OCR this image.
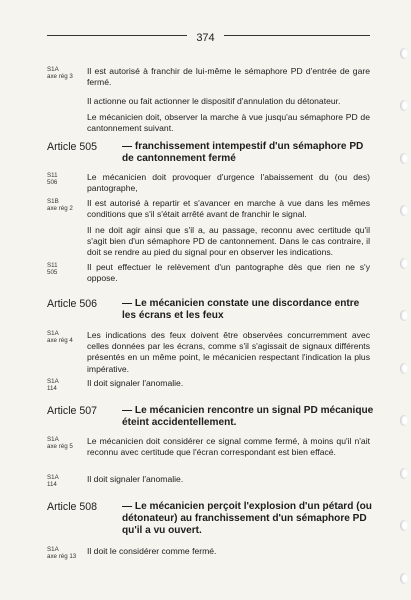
374
S1A
axe rég 3
Il est autorisé à franchir de lui-même le sémaphore PD d'entrée de gare fermé.
Il actionne ou fait actionner le dispositif d'annulation du détonateur.
Le mécanicien doit, observer la marche à vue jusqu'au sémaphore PD de cantonnement suivant.
Article 505 — franchissement intempestif d'un sémaphore PD de cantonnement fermé
S11
506
Le mécanicien doit provoquer d'urgence l'abaissement du (ou des) pantographe,
S1B
axe rég 2
Il est autorisé à repartir et s'avancer en marche à vue dans les mêmes conditions que s'il s'était arrêté avant de franchir le signal.
Il ne doit agir ainsi que s'il a, au passage, reconnu avec certitude qu'il s'agit bien d'un sémaphore PD de cantonnement. Dans le cas contraire, il doit se rendre au pied du signal pour en observer les indications.
S11
505
Il peut effectuer le relèvement d'un pantographe dès que rien ne s'y oppose.
Article 506 — Le mécanicien constate une discordance entre les écrans et les feux
S1A
axe rég 4
Les indications des feux doivent être observées concurremment avec celles données par les écrans, comme s'il s'agissait de signaux différents présentés en un même point, le mécanicien respectant l'indication la plus impérative.
S1A
114
Il doit signaler l'anomalie.
Article 507 — Le mécanicien rencontre un signal PD mécanique éteint accidentellement.
S1A
axe rég 5
Le mécanicien doit considérer ce signal comme fermé, à moins qu'il n'ait reconnu avec certitude que l'écran correspondant est bien effacé.
S1A
114
Il doit signaler l'anomalie.
Article 508 — Le mécanicien perçoit l'explosion d'un pétard (ou détonateur) au franchissement d'un sémaphore PD qu'il a vu ouvert.
S1A
axe rég 13
Il doit le considérer comme fermé.
